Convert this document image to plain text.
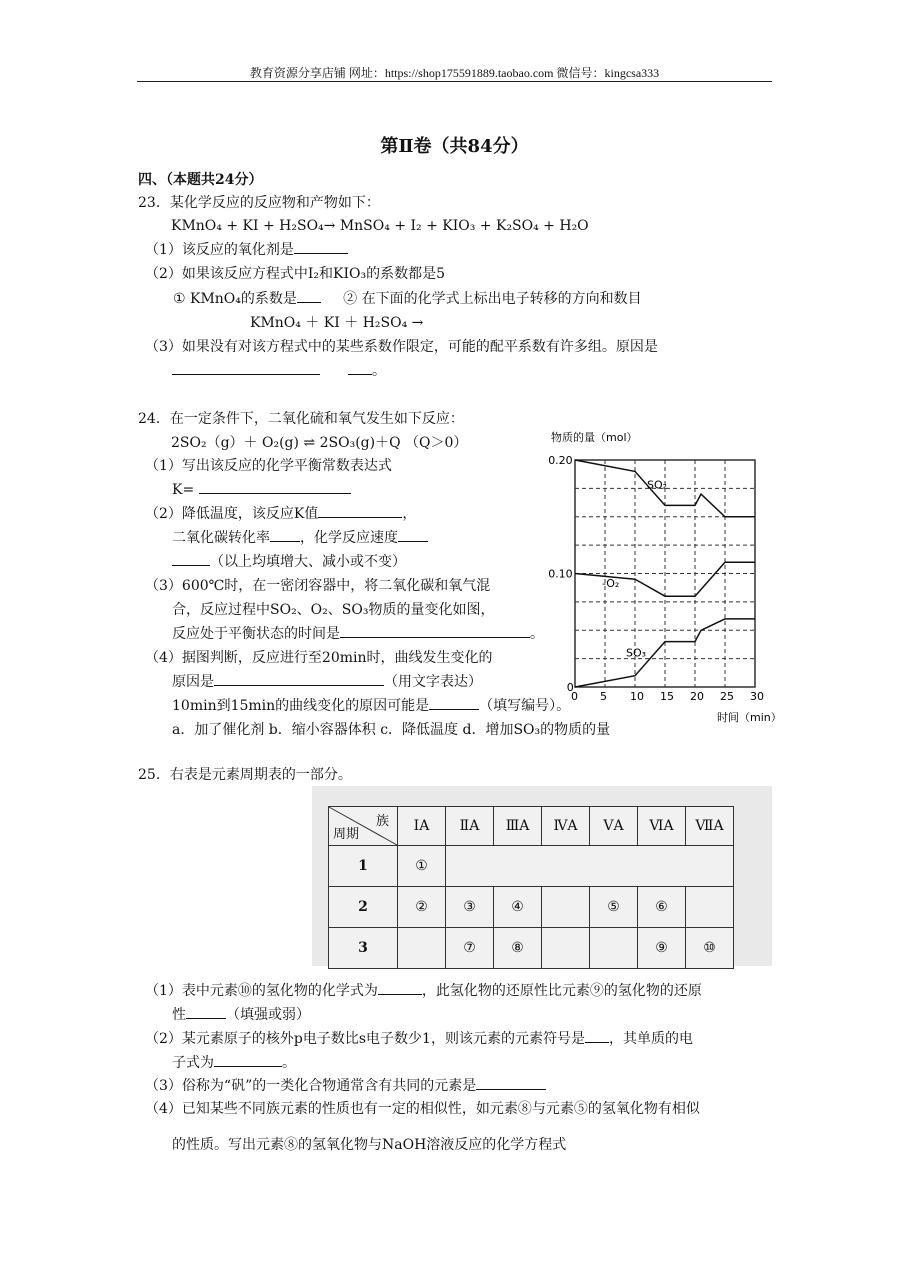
教育资源分享店铺 网址：https://shop175591889.taobao.com 微信号：kingcsa333
第Ⅱ卷（共84分）
四、（本题共24分）
23．某化学反应的反应物和产物如下：
KMnO₄ + KI + H₂SO₄→ MnSO₄ + I₂ + KIO₃ + K₂SO₄ + H₂O
（1）该反应的氧化剂是
（2）如果该反应方程式中I₂和KIO₃的系数都是5
① KMnO₄的系数是	② 在下面的化学式上标出电子转移的方向和数目
KMnO₄ ＋ KI ＋ H₂SO₄ →
（3）如果没有对该方程式中的某些系数作限定，可能的配平系数有许多组。原因是
。
24．在一定条件下，二氧化硫和氧气发生如下反应：
2SO₂（g）＋ O₂(g) ⇌ 2SO₃(g)＋Q （Q＞0）
（1）写出该反应的化学平衡常数表达式
K=
（2）降低温度，该反应K值	，
二氧化碳转化率 ，化学反应速度
（以上均填增大、减小或不变）
（3）600℃时，在一密闭容器中，将二氧化碳和氧气混
合，反应过程中SO₂、O₂、SO₃物质的量变化如图，
反应处于平衡状态的时间是	。
（4）据图判断，反应进行至20min时，曲线发生变化的
原因是	（用文字表达）
10min到15min的曲线变化的原因可能是	（填写编号）。
a．加了催化剂 b．缩小容器体积 c．降低温度 d．增加SO₃的物质的量
物质的量（mol）
时间（min）
0 5 10 15 20 25 30
0
0.10
0.20
SO₂
-O₂
SO₃
25．右表是元素周期表的一部分。
族
周期	ⅠA	ⅡA	ⅢA	ⅣA	ⅤA	ⅥA	ⅦA
1	①						
2	②	③	④		⑤	⑥	
3		⑦	⑧			⑨	⑩
（1）表中元素⑩的氢化物的化学式为	，此氢化物的还原性比元素⑨的氢化物的还原
性	（填强或弱）
（2）某元素原子的核外p电子数比s电子数少1，则该元素的元素符号是 ，其单质的电
子式为	。
（3）俗称为“矾”的一类化合物通常含有共同的元素是
（4）已知某些不同族元素的性质也有一定的相似性，如元素⑧与元素⑤的氢氧化物有相似
的性质。写出元素⑧的氢氧化物与NaOH溶液反应的化学方程式
